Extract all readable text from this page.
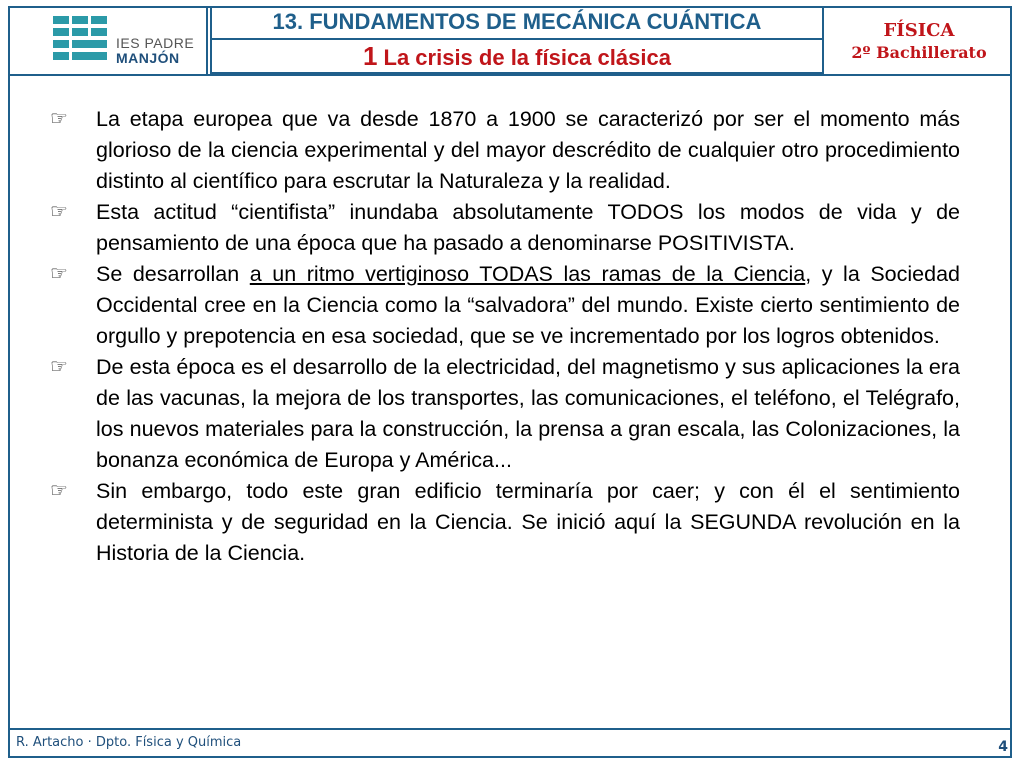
IES PADRE
MANJÓN
13. FUNDAMENTOS DE MECÁNICA CUÁNTICA
1 La crisis de la física clásica
FÍSICA
2º Bachillerato
☞	La etapa europea que va desde 1870 a 1900 se caracterizó por ser el momento más glorioso de la ciencia experimental y del mayor descrédito de cualquier otro procedimiento distinto al científico para escrutar la Naturaleza y la realidad.
☞	Esta actitud “cientifista” inundaba absolutamente TODOS los modos de vida y de pensamiento de una época que ha pasado a denominarse POSITIVISTA.
☞	Se desarrollan a un ritmo vertiginoso TODAS las ramas de la Ciencia, y la Sociedad Occidental cree en la Ciencia como la “salvadora” del mundo. Existe cierto sentimiento de orgullo y prepotencia en esa sociedad, que se ve incrementado por los logros obtenidos.
☞	De esta época es el desarrollo de la electricidad, del magnetismo y sus aplicaciones la era de las vacunas, la mejora de los transportes, las comunicaciones, el teléfono, el Telégrafo, los nuevos materiales para la construcción, la prensa a gran escala, las Colonizaciones, la bonanza económica de Europa y América...
☞	Sin embargo, todo este gran edificio terminaría por caer; y con él el sentimiento determinista y de seguridad en la Ciencia. Se inició aquí la SEGUNDA revolución en la Historia de la Ciencia.
R. Artacho · Dpto. Física y Química	4
